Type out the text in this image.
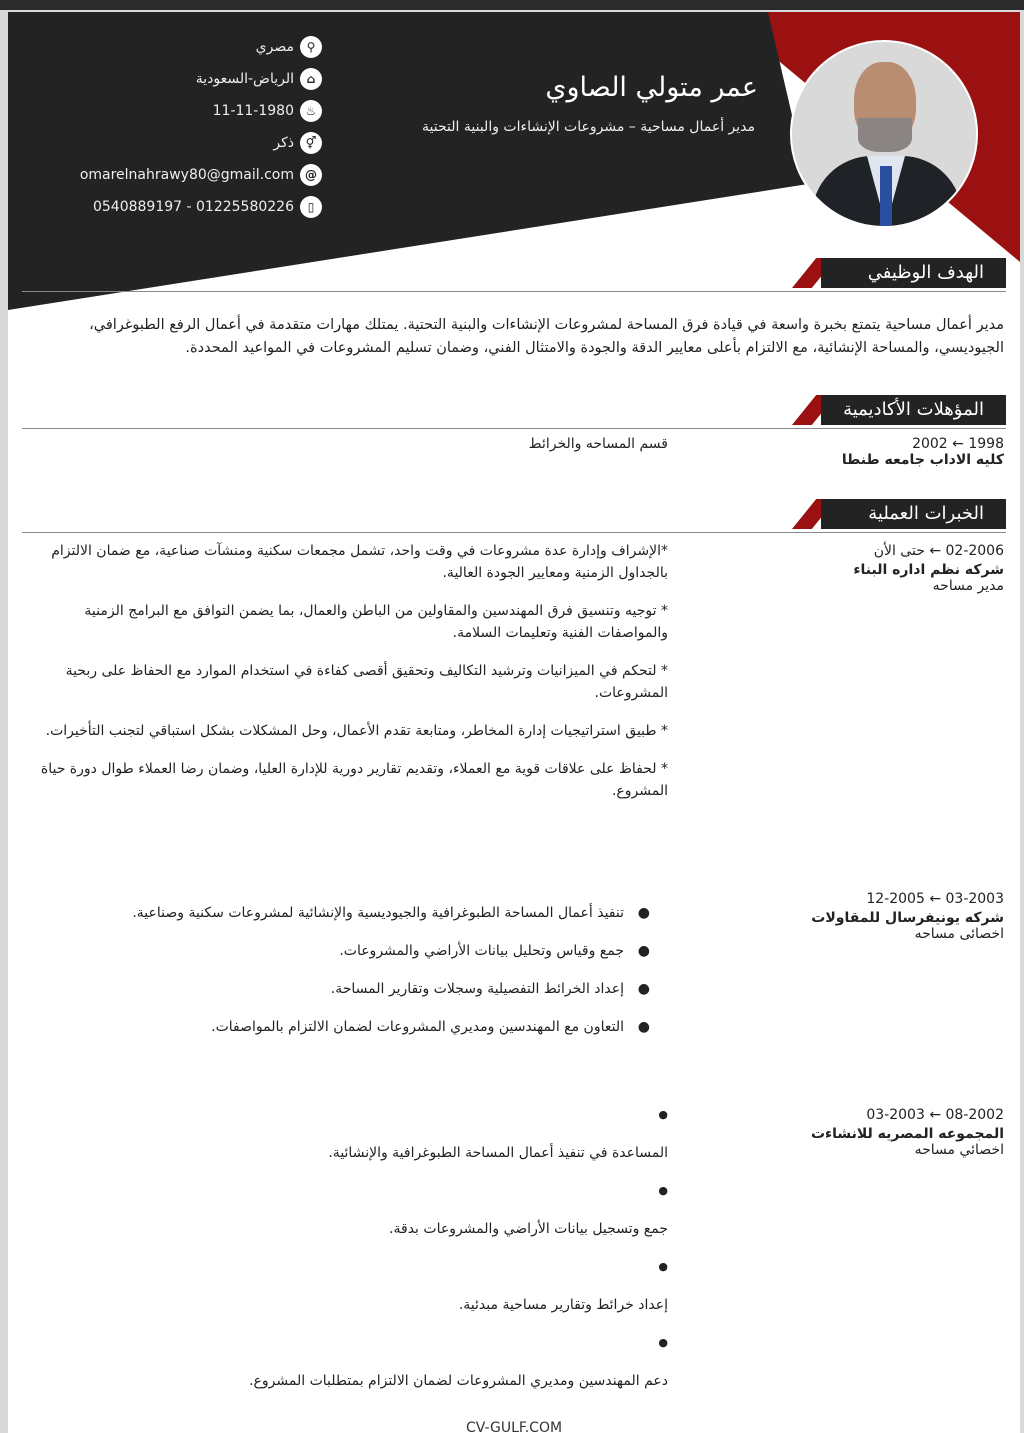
عمر متولي الصاوي
مدير أعمال مساحية – مشروعات الإنشاءات والبنية التحتية
مصري	⚲
الرياض-السعودية	⌂
11-11-1980 ♨
ذكر ⚥
omarelnahrawy80@gmail.com @
0540889197 - 01225580226	▯
الهدف الوظيفي
مدير أعمال مساحية يتمتع بخبرة واسعة في قيادة فرق المساحة لمشروعات الإنشاءات والبنية التحتية. يمتلك مهارات متقدمة في أعمال الرفع الطبوغرافي، الجيوديسي، والمساحة الإنشائية، مع الالتزام بأعلى معايير الدقة والجودة والامتثال الفني، وضمان تسليم المشروعات في المواعيد المحددة.
المؤهلات الأكاديمية
1998 ← 2002
كليه الاداب جامعه طنطا
قسم المساحه والخرائط
الخبرات العملية
02-2006 ← حتى الأن
شركه نظم اداره البناء
مدير مساحه

*الإشراف وإدارة عدة مشروعات في وقت واحد، تشمل مجمعات سكنية ومنشآت صناعية، مع ضمان الالتزام بالجداول الزمنية ومعايير الجودة العالية.

* توجيه وتنسيق فرق المهندسين والمقاولين من الباطن والعمال، بما يضمن التوافق مع البرامج الزمنية والمواصفات الفنية وتعليمات السلامة.

* لتحكم في الميزانيات وترشيد التكاليف وتحقيق أقصى كفاءة في استخدام الموارد مع الحفاظ على ربحية المشروعات.

* طبيق استراتيجيات إدارة المخاطر، ومتابعة تقدم الأعمال، وحل المشكلات بشكل استباقي لتجنب التأخيرات.

* لحفاظ على علاقات قوية مع العملاء، وتقديم تقارير دورية للإدارة العليا، وضمان رضا العملاء طوال دورة حياة المشروع.

03-2003 ← 12-2005
شركه يونيفرسال للمقاولات
اخصائى مساحه

●
تنفيذ أعمال المساحة الطبوغرافية والجيوديسية والإنشائية لمشروعات سكنية وصناعية.

●
جمع وقياس وتحليل بيانات الأراضي والمشروعات.

●
إعداد الخرائط التفصيلية وسجلات وتقارير المساحة.

●
التعاون مع المهندسين ومديري المشروعات لضمان الالتزام بالمواصفات.

08-2002 ← 03-2003
المجموعه المصريه للانشاءت
اخصائي مساحه
●
المساعدة في تنفيذ أعمال المساحة الطبوغرافية والإنشائية.
●
جمع وتسجيل بيانات الأراضي والمشروعات بدقة.
●
إعداد خرائط وتقارير مساحية مبدئية.
●
دعم المهندسين ومديري المشروعات لضمان الالتزام بمتطلبات المشروع.
CV-GULF.COM
